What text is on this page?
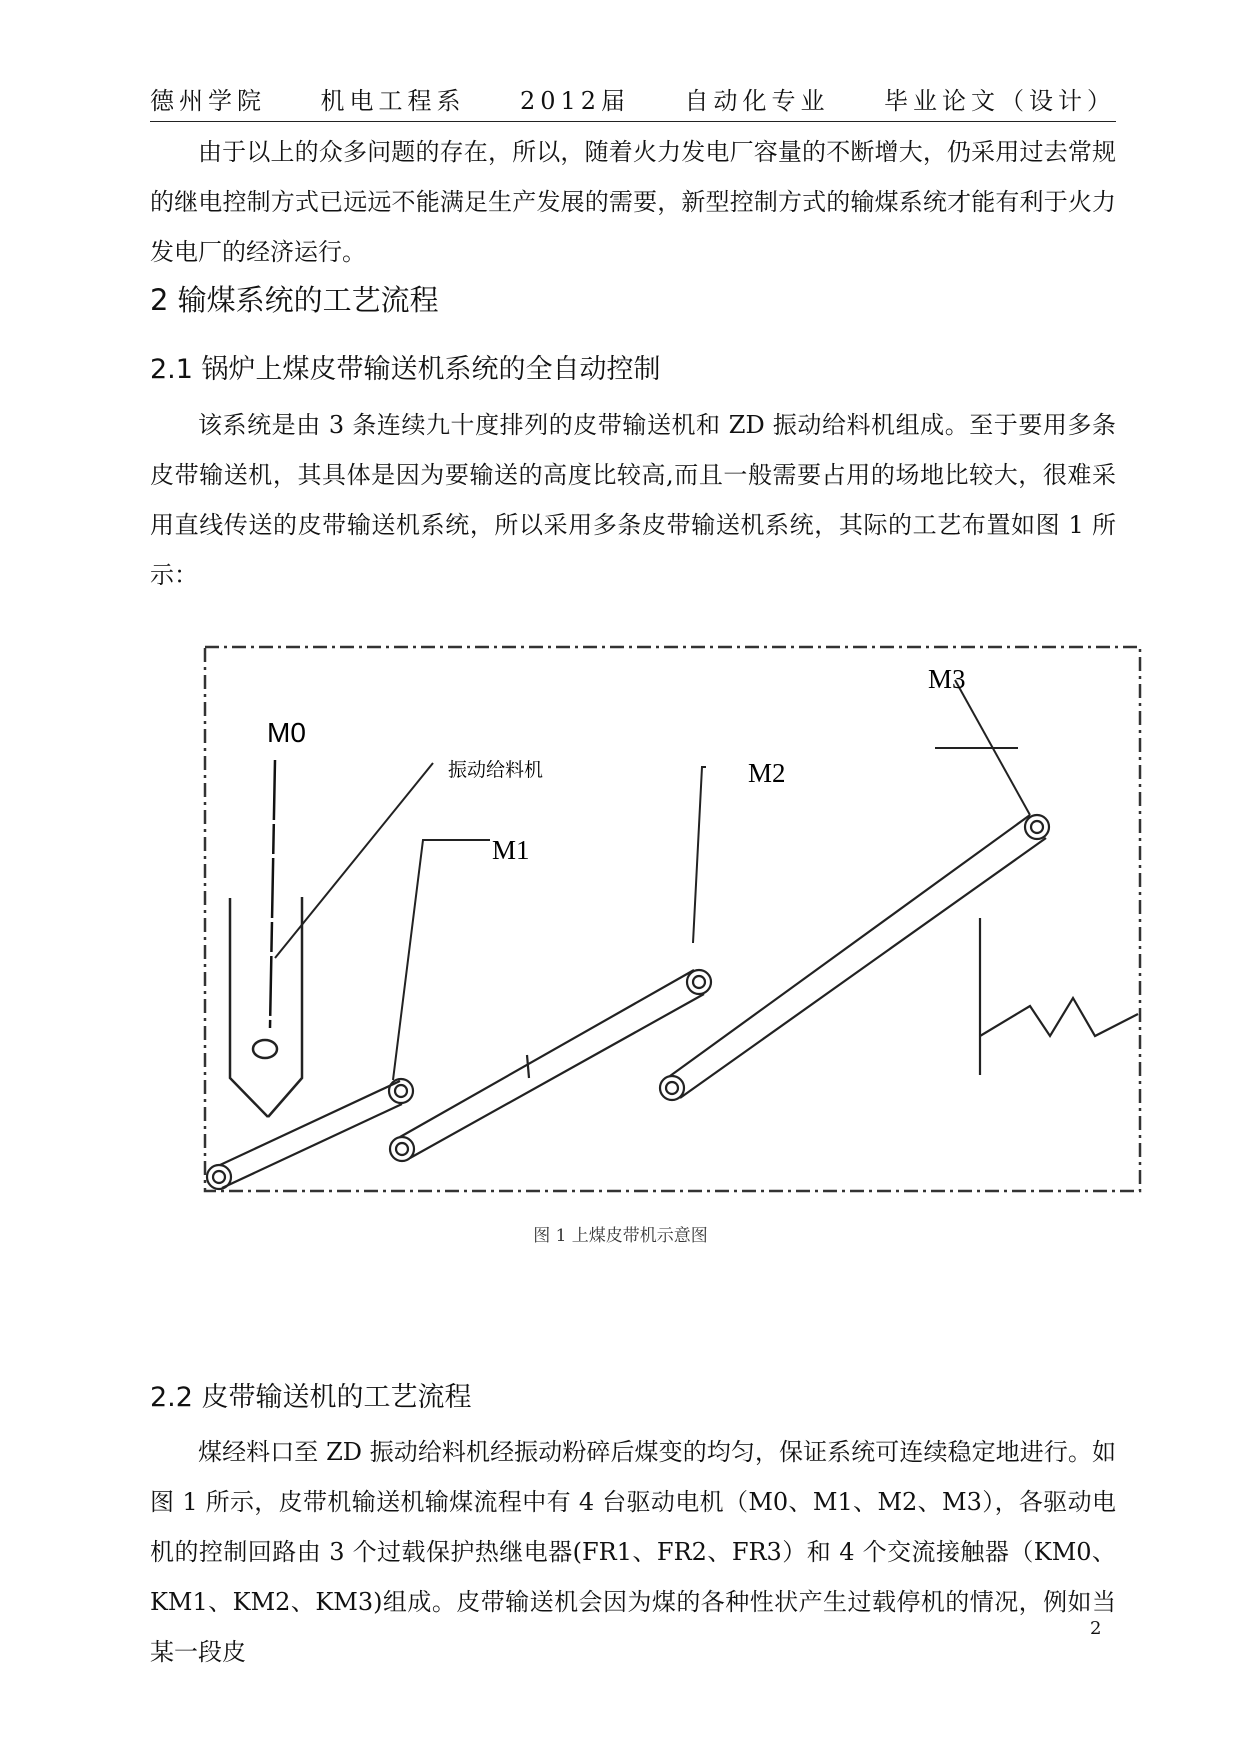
德州学院 机电工程系 2012届 自动化专业 毕业论文（设计）

由于以上的众多问题的存在，所以，随着火力发电厂容量的不断增大，仍采用过去常规的继电控制方式已远远不能满足生产发展的需要，新型控制方式的输煤系统才能有利于火力发电厂的经济运行。

2 输煤系统的工艺流程
2.1 锅炉上煤皮带输送机系统的全自动控制

该系统是由 3 条连续九十度排列的皮带输送机和 ZD 振动给料机组成。至于要用多条皮带输送机，其具体是因为要输送的高度比较高,而且一般需要占用的场地比较大，很难采用直线传送的皮带输送机系统，所以采用多条皮带输送机系统，其际的工艺布置如图 1 所示：

M0
振动给料机
M1
M2
M3
图 1 上煤皮带机示意图
2.2 皮带输送机的工艺流程

煤经料口至 ZD 振动给料机经振动粉碎后煤变的均匀，保证系统可连续稳定地进行。如图 1 所示，皮带机输送机输煤流程中有 4 台驱动电机（M0、M1、M2、M3），各驱动电机的控制回路由 3 个过载保护热继电器(FR1、FR2、FR3）和 4 个交流接触器（KM0、KM1、KM2、KM3)组成。皮带输送机会因为煤的各种性状产生过载停机的情况，例如当某一段皮

2
